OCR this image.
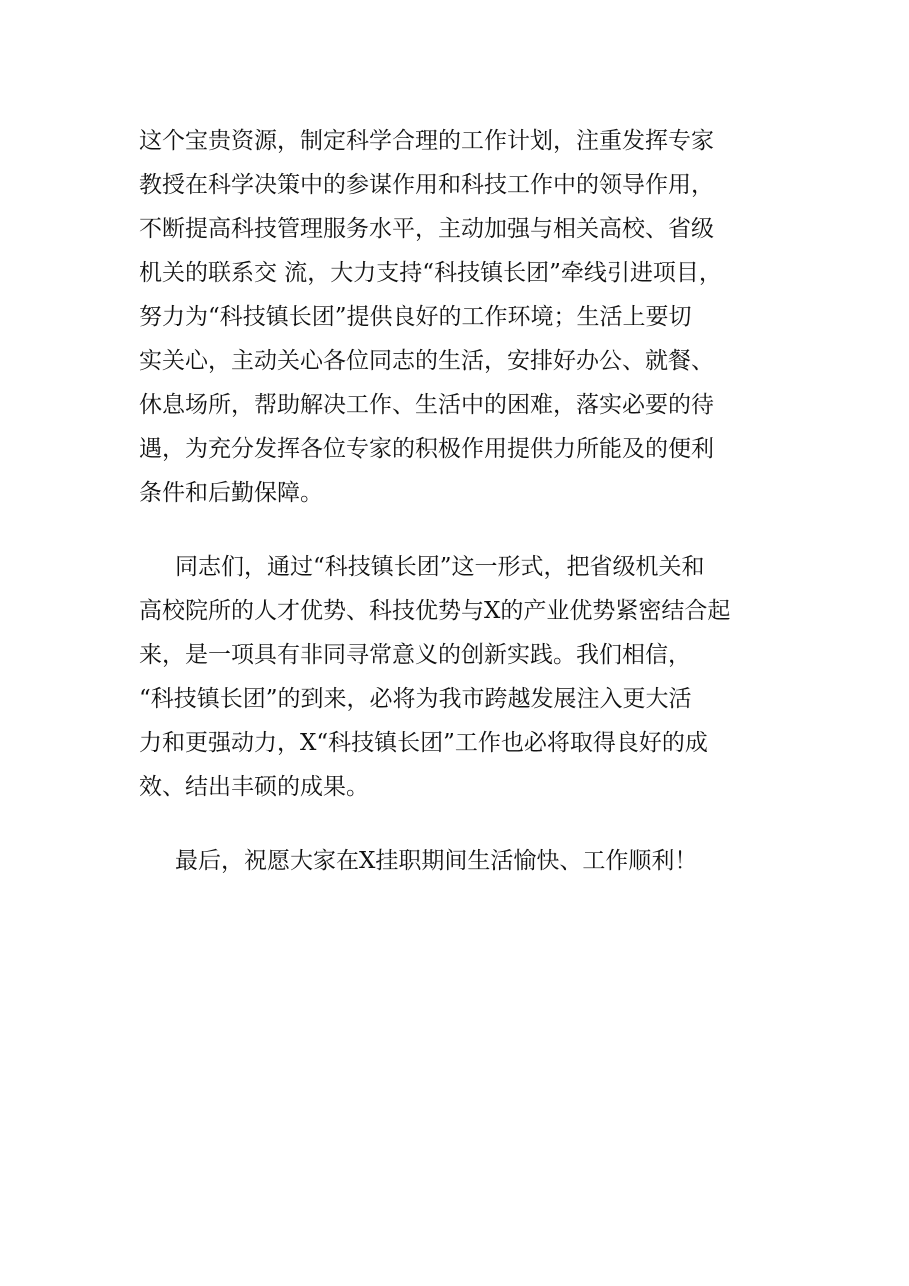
这个宝贵资源，制定科学合理的工作计划，注重发挥专家
教授在科学决策中的参谋作用和科技工作中的领导作用，
不断提高科技管理服务水平，主动加强与相关高校、省级
机关的联系交 流，大力支持“科技镇长团”牵线引进项目，
努力为“科技镇长团”提供良好的工作环境；生活上要切
实关心，主动关心各位同志的生活，安排好办公、就餐、
休息场所，帮助解决工作、生活中的困难，落实必要的待
遇，为充分发挥各位专家的积极作用提供力所能及的便利
条件和后勤保障。
同志们，通过“科技镇长团”这一形式，把省级机关和
高校院所的人才优势、科技优势与X的产业优势紧密结合起
来，是一项具有非同寻常意义的创新实践。我们相信，
“科技镇长团”的到来，必将为我市跨越发展注入更大活
力和更强动力，X“科技镇长团”工作也必将取得良好的成
效、结出丰硕的成果。
最后，祝愿大家在X挂职期间生活愉快、工作顺利！
